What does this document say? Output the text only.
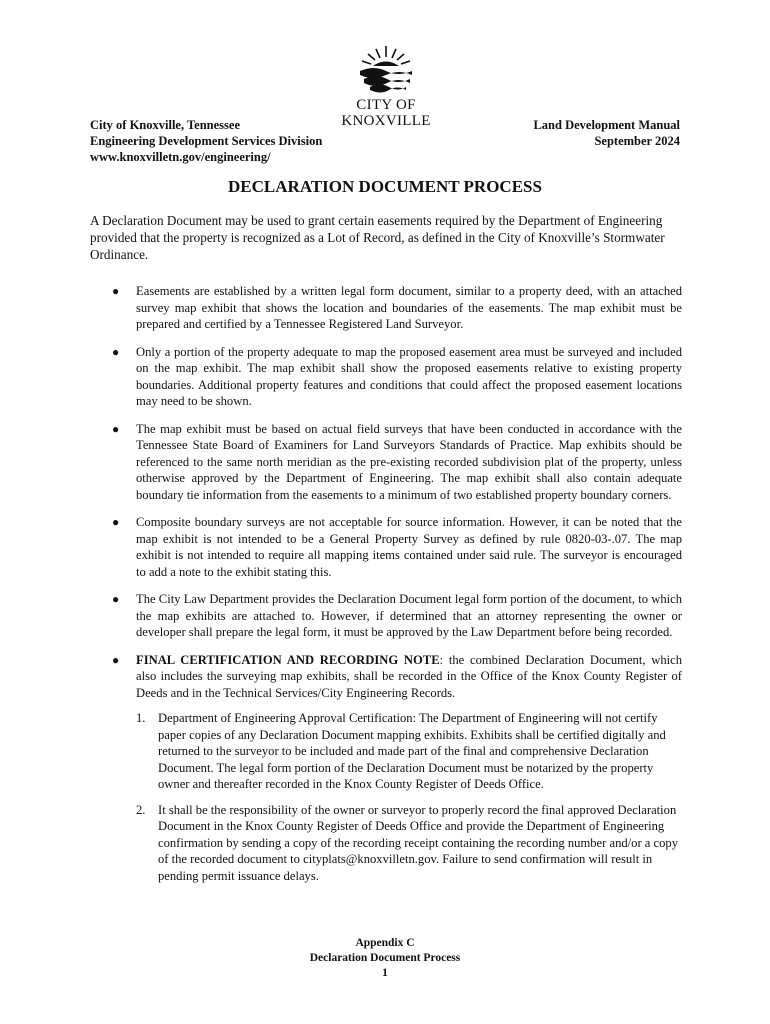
CITY OF KNOXVILLE
City of Knoxville, Tennessee
Engineering Development Services Division
www.knoxvilletn.gov/engineering/
Land Development Manual
September 2024
DECLARATION DOCUMENT PROCESS
A Declaration Document may be used to grant certain easements required by the Department of Engineering provided that the property is recognized as a Lot of Record, as defined in the City of Knoxville’s Stormwater Ordinance.
● Easements are established by a written legal form document, similar to a property deed, with an attached survey map exhibit that shows the location and boundaries of the easements. The map exhibit must be prepared and certified by a Tennessee Registered Land Surveyor.
● Only a portion of the property adequate to map the proposed easement area must be surveyed and included on the map exhibit. The map exhibit shall show the proposed easements relative to existing property boundaries. Additional property features and conditions that could affect the proposed easement locations may need to be shown.
● The map exhibit must be based on actual field surveys that have been conducted in accordance with the Tennessee State Board of Examiners for Land Surveyors Standards of Practice. Map exhibits should be referenced to the same north meridian as the pre-existing recorded subdivision plat of the property, unless otherwise approved by the Department of Engineering. The map exhibit shall also contain adequate boundary tie information from the easements to a minimum of two established property boundary corners.
● Composite boundary surveys are not acceptable for source information. However, it can be noted that the map exhibit is not intended to be a General Property Survey as defined by rule 0820-03-.07. The map exhibit is not intended to require all mapping items contained under said rule. The surveyor is encouraged to add a note to the exhibit stating this.
● The City Law Department provides the Declaration Document legal form portion of the document, to which the map exhibits are attached to. However, if determined that an attorney representing the owner or developer shall prepare the legal form, it must be approved by the Law Department before being recorded.
● FINAL CERTIFICATION AND RECORDING NOTE: the combined Declaration Document, which also includes the surveying map exhibits, shall be recorded in the Office of the Knox County Register of Deeds and in the Technical Services/City Engineering Records.
1. Department of Engineering Approval Certification: The Department of Engineering will not certify paper copies of any Declaration Document mapping exhibits. Exhibits shall be certified digitally and returned to the surveyor to be included and made part of the final and comprehensive Declaration Document. The legal form portion of the Declaration Document must be notarized by the property owner and thereafter recorded in the Knox County Register of Deeds Office.
2. It shall be the responsibility of the owner or surveyor to properly record the final approved Declaration Document in the Knox County Register of Deeds Office and provide the Department of Engineering confirmation by sending a copy of the recording receipt containing the recording number and/or a copy of the recorded document to cityplats@knoxvilletn.gov. Failure to send confirmation will result in pending permit issuance delays.
Appendix C
Declaration Document Process
1
